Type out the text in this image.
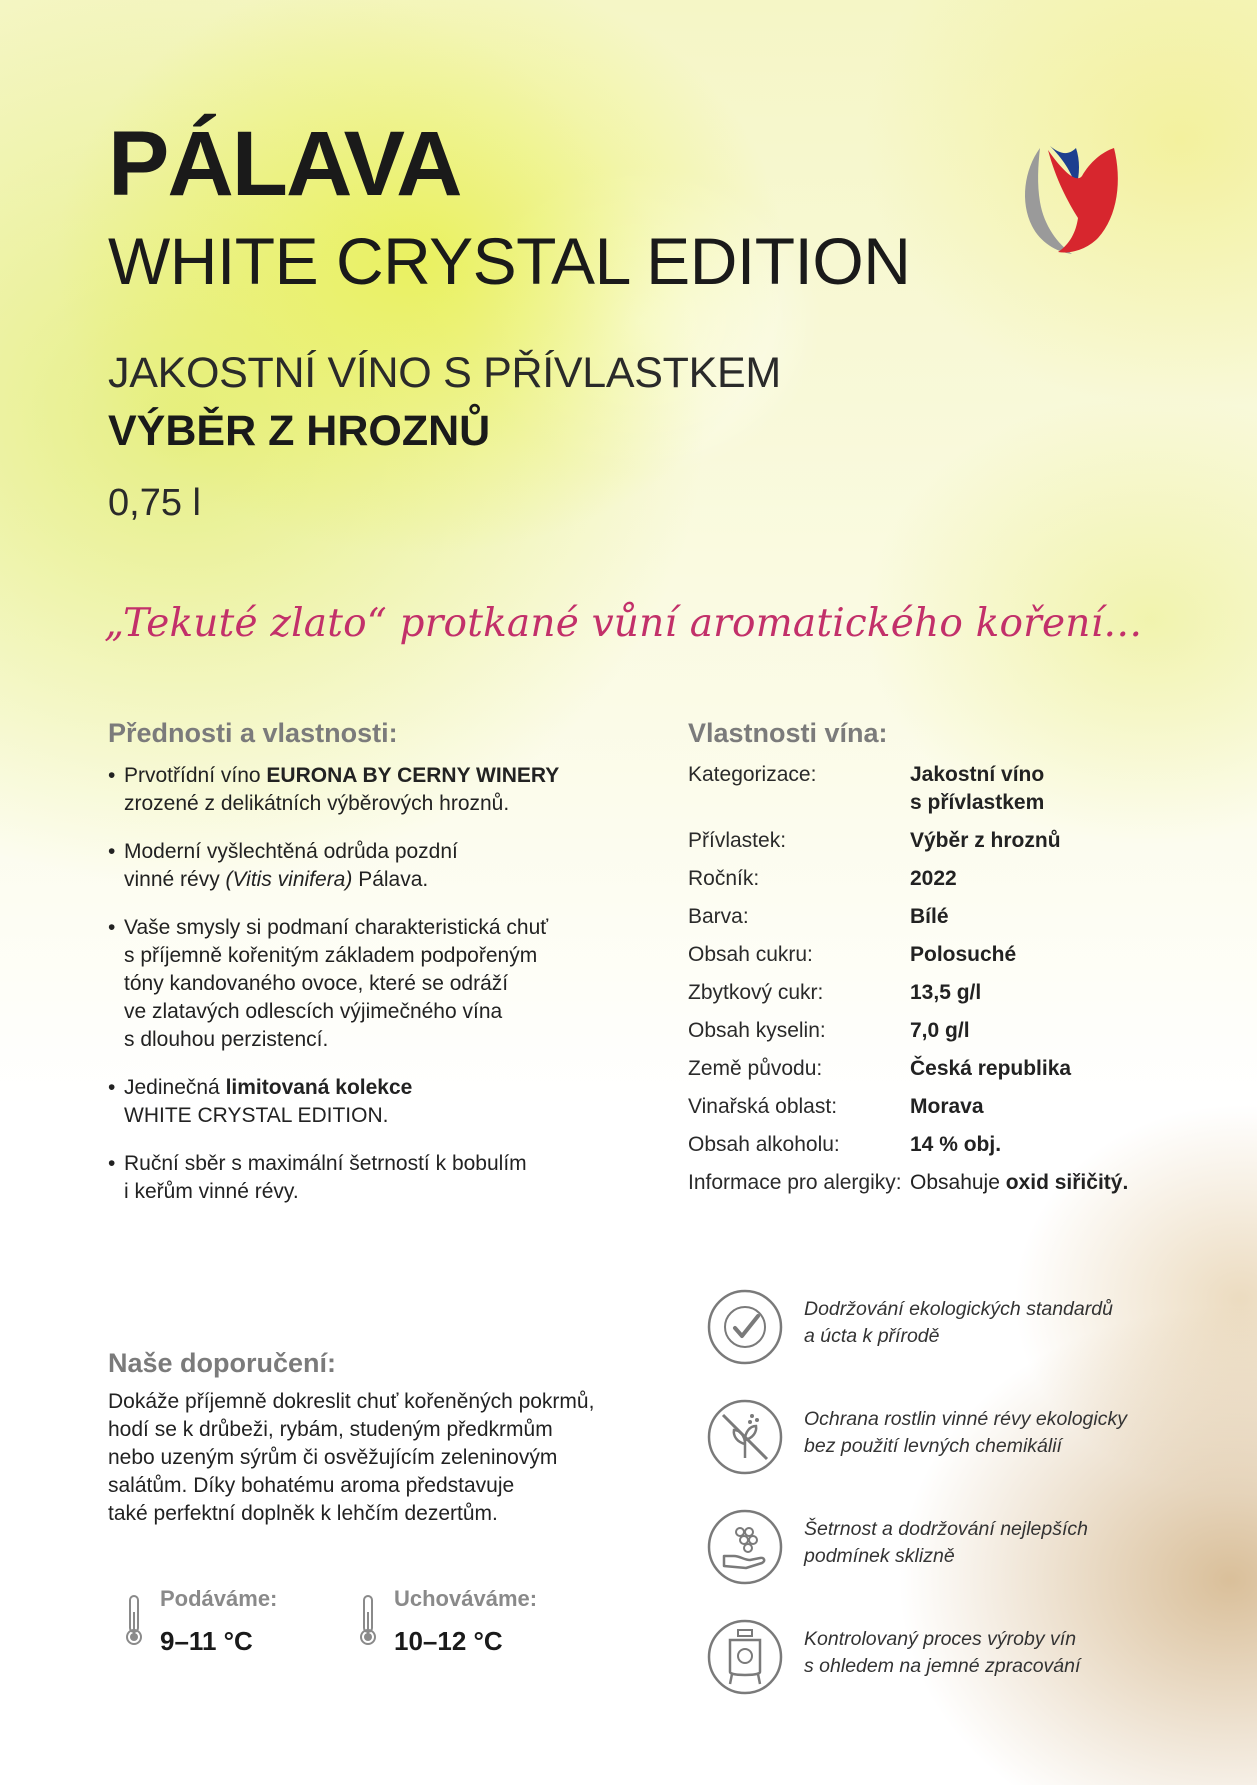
PÁLAVA
WHITE CRYSTAL EDITION
JAKOSTNÍ VÍNO S PŘÍVLASTKEM
VÝBĚR Z HROZNŮ
0,75 l
„Tekuté zlato“ protkané vůní aromatického koření…
Přednosti a vlastnosti:
• Prvotřídní víno EURONA BY CERNY WINERY
zrozené z delikátních výběrových hroznů.
• Moderní vyšlechtěná odrůda pozdní
vinné révy (Vitis vinifera) Pálava.
• Vaše smysly si podmaní charakteristická chuť
s příjemně kořenitým základem podpořeným
tóny kandovaného ovoce, které se odráží
ve zlatavých odlescích výjimečného vína
s dlouhou perzistencí.
• Jedinečná limitovaná kolekce
WHITE CRYSTAL EDITION.
• Ruční sběr s maximální šetrností k bobulím
i keřům vinné révy.
Vlastnosti vína:
Kategorizace:	Jakostní víno
s přívlastkem
Přívlastek:	Výběr z hroznů
Ročník:	2022
Barva:	Bílé
Obsah cukru:	Polosuché
Zbytkový cukr:	13,5 g/l
Obsah kyselin:	7,0 g/l
Země původu:	Česká republika
Vinařská oblast:	Morava
Obsah alkoholu:	14 % obj.
Informace pro alergiky:	Obsahuje oxid siřičitý.
Naše doporučení:

Dokáže příjemně dokreslit chuť kořeněných pokrmů,
hodí se k drůbeži, rybám, studeným předkrmům
nebo uzeným sýrům či osvěžujícím zeleninovým
salátům. Díky bohatému aroma představuje
také perfektní doplněk k lehčím dezertům.

Podáváme:
9–11 °C
Uchováváme:
10–12 °C
Dodržování ekologických standardů
a úcta k přírodě
Ochrana rostlin vinné révy ekologicky
bez použití levných chemikálií
Šetrnost a dodržování nejlepších
podmínek sklizně
Kontrolovaný proces výroby vín
s ohledem na jemné zpracování
